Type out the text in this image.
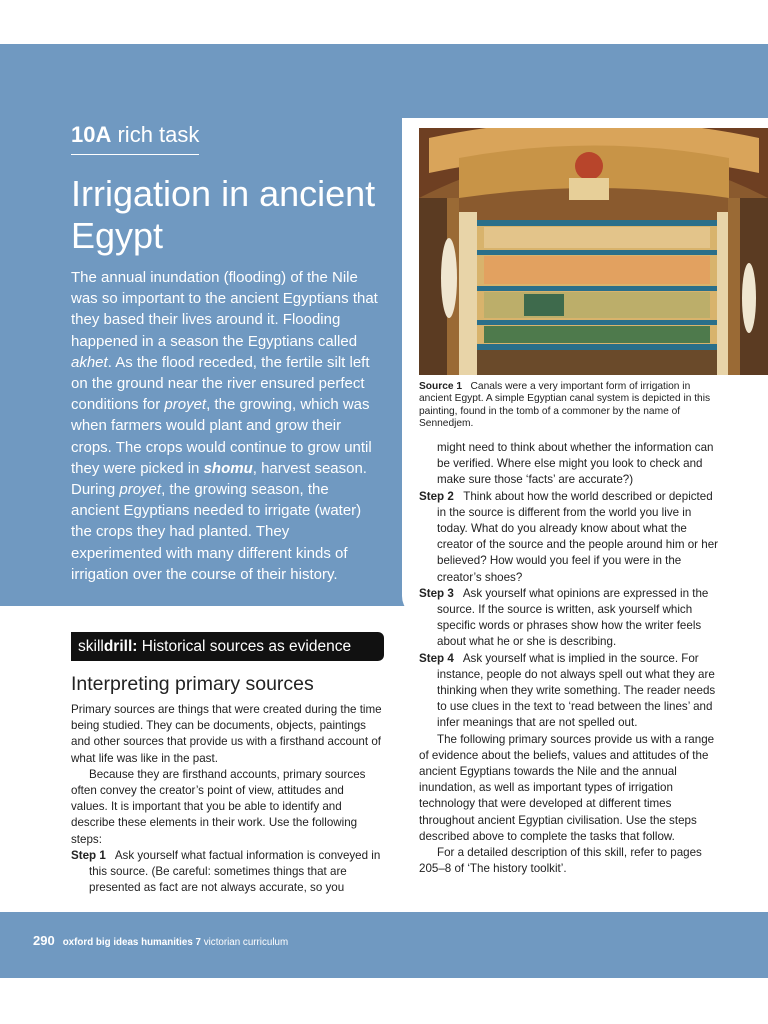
10A rich task
Irrigation in ancient Egypt

The annual inundation (flooding) of the Nile was so important to the ancient Egyptians that they based their lives around it. Flooding happened in a season the Egyptians called akhet. As the flood receded, the fertile silt left on the ground near the river ensured perfect conditions for proyet, the growing, which was when farmers would plant and grow their crops. The crops would continue to grow until they were picked in shomu, harvest season. During proyet, the growing season, the ancient Egyptians needed to irrigate (water) the crops they had planted. They experimented with many different kinds of irrigation over the course of their history.

Source 1 Canals were a very important form of irrigation in ancient Egypt. A simple Egyptian canal system is depicted in this painting, found in the tomb of a commoner by the name of Sennedjem.

skilldrill: Historical sources as evidence
Interpreting primary sources

Primary sources are things that were created during the time being studied. They can be documents, objects, paintings and other sources that provide us with a firsthand account of what life was like in the past.

Because they are firsthand accounts, primary sources often convey the creator’s point of view, attitudes and values. It is important that you be able to identify and describe these elements in their work. Use the following steps:

Step 1 Ask yourself what factual information is conveyed in this source. (Be careful: sometimes things that are presented as fact are not always accurate, so you

might need to think about whether the information can be verified. Where else might you look to check and make sure those ‘facts’ are accurate?)

Step 2 Think about how the world described or depicted in the source is different from the world you live in today. What do you already know about what the creator of the source and the people around him or her believed? How would you feel if you were in the creator’s shoes?

Step 3 Ask yourself what opinions are expressed in the source. If the source is written, ask yourself which specific words or phrases show how the writer feels about what he or she is describing.

Step 4 Ask yourself what is implied in the source. For instance, people do not always spell out what they are thinking when they write something. The reader needs to use clues in the text to ‘read between the lines’ and infer meanings that are not spelled out.

The following primary sources provide us with a range of evidence about the beliefs, values and attitudes of the ancient Egyptians towards the Nile and the annual inundation, as well as important types of irrigation technology that were developed at different times throughout ancient Egyptian civilisation. Use the steps described above to complete the tasks that follow.

For a detailed description of this skill, refer to pages 205–8 of ‘The history toolkit’.

290 oxford big ideas humanities 7 victorian curriculum
